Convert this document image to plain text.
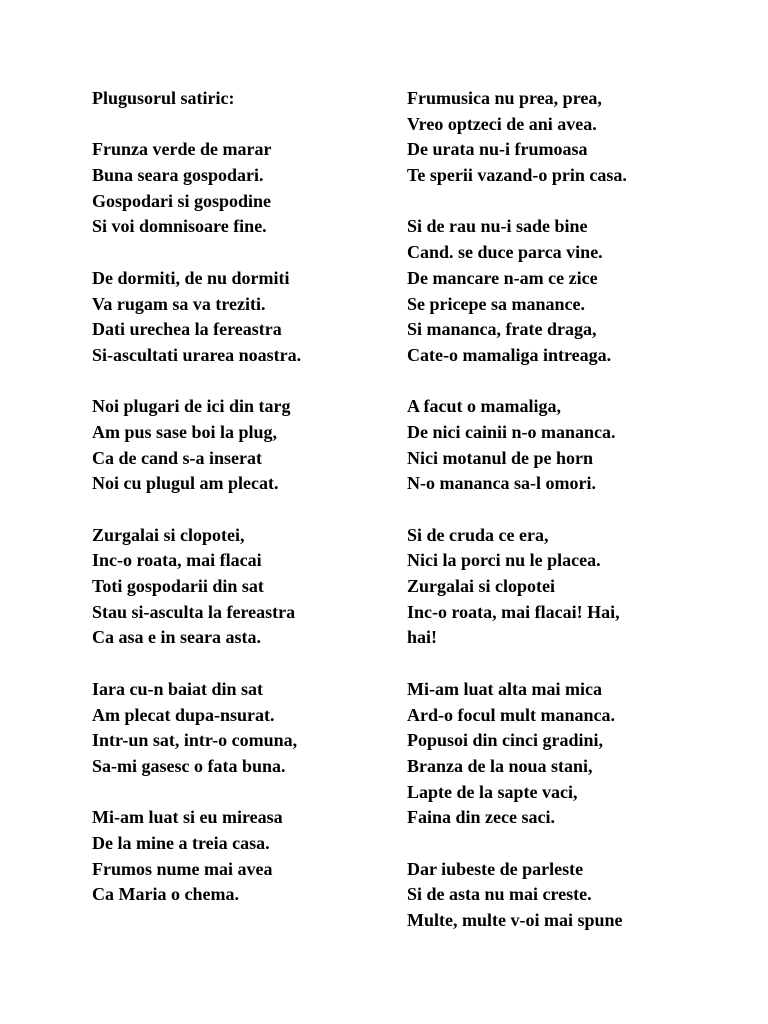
Plugusorul satiric:
Frunza verde de marar
Buna seara gospodari.
Gospodari si gospodine
Si voi domnisoare fine.
De dormiti, de nu dormiti
Va rugam sa va treziti.
Dati urechea la fereastra
Si-ascultati urarea noastra.
Noi plugari de ici din targ
Am pus sase boi la plug,
Ca de cand s-a inserat
Noi cu plugul am plecat.
Zurgalai si clopotei,
Inc-o roata, mai flacai
Toti gospodarii din sat
Stau si-asculta la fereastra
Ca asa e in seara asta.
Iara cu-n baiat din sat
Am plecat dupa-nsurat.
Intr-un sat, intr-o comuna,
Sa-mi gasesc o fata buna.
Mi-am luat si eu mireasa
De la mine a treia casa.
Frumos nume mai avea
Ca Maria o chema.
Frumusica nu prea, prea,
Vreo optzeci de ani avea.
De urata nu-i frumoasa
Te sperii vazand-o prin casa.
Si de rau nu-i sade bine
Cand. se duce parca vine.
De mancare n-am ce zice
Se pricepe sa manance.
Si mananca, frate draga,
Cate-o mamaliga intreaga.
A facut o mamaliga,
De nici cainii n-o mananca.
Nici motanul de pe horn
N-o mananca sa-l omori.
Si de cruda ce era,
Nici la porci nu le placea.
Zurgalai si clopotei
Inc-o roata, mai flacai! Hai,
hai!
Mi-am luat alta mai mica
Ard-o focul mult mananca.
Popusoi din cinci gradini,
Branza de la noua stani,
Lapte de la sapte vaci,
Faina din zece saci.
Dar iubeste de parleste
Si de asta nu mai creste.
Multe, multe v-oi mai spune
